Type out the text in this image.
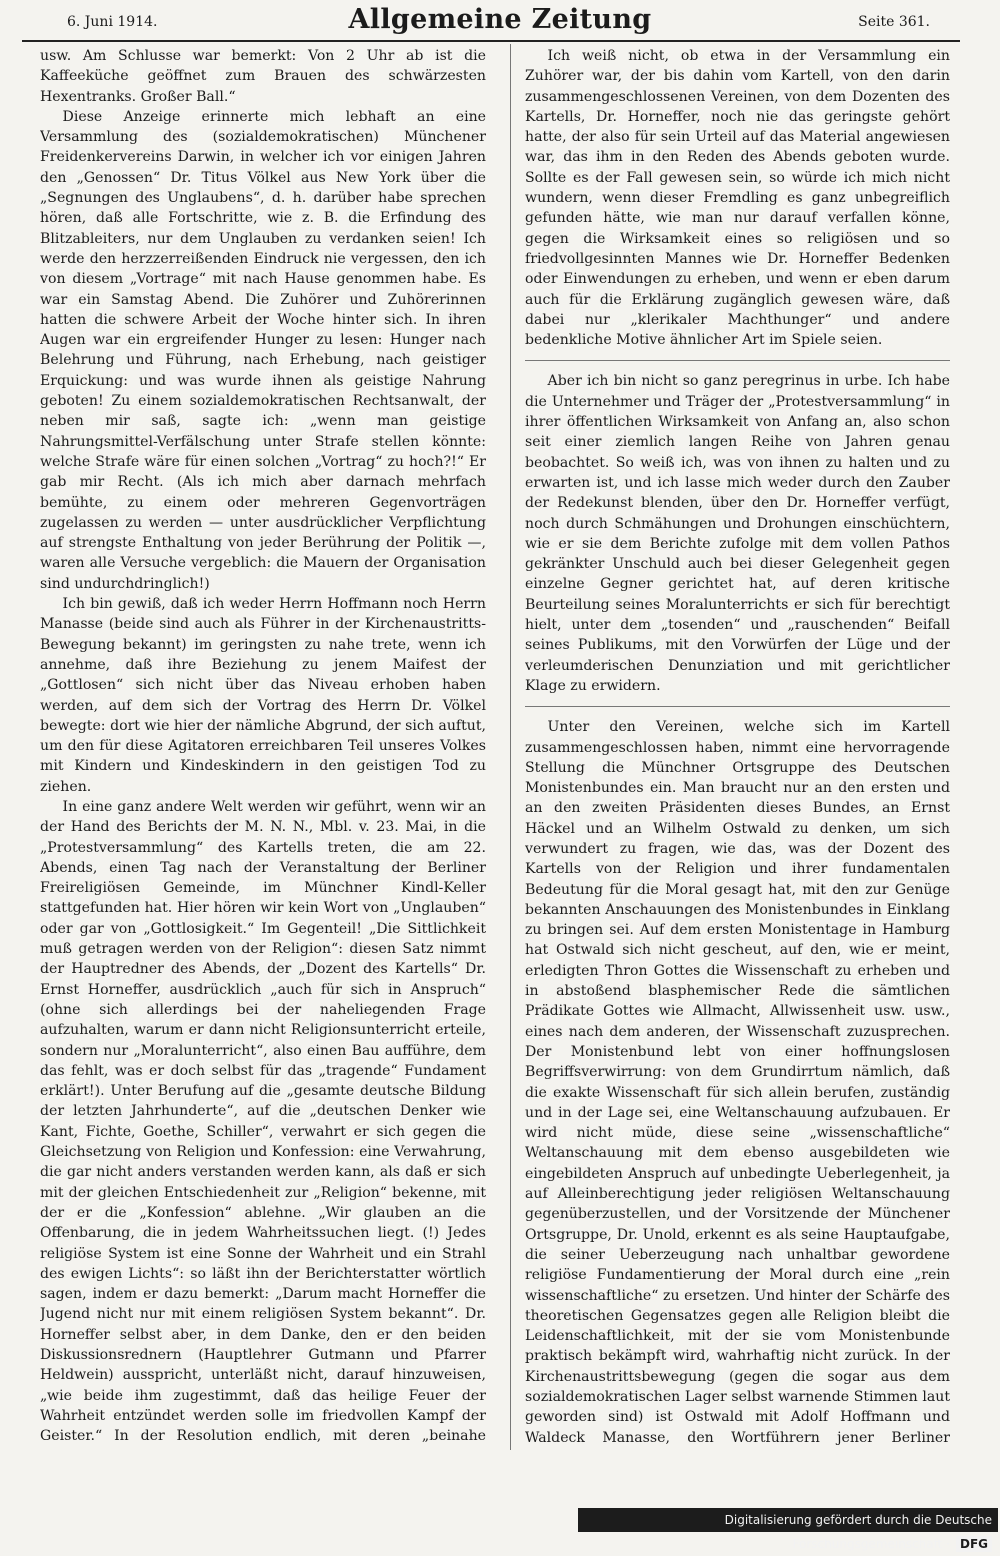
6. Juni 1914.	Allgemeine Zeitung	Seite 361.

usw. Am Schlusse war bemerkt: Von 2 Uhr ab ist die Kaffeeküche geöffnet zum Brauen des schwärzesten Hexentranks. Großer Ball.“

Diese Anzeige erinnerte mich lebhaft an eine Versammlung des (sozialdemokratischen) Münchener Freidenkervereins Darwin, in welcher ich vor einigen Jahren den „Genossen“ Dr. Titus Völkel aus New York über die „Segnungen des Unglaubens“, d. h. darüber habe sprechen hören, daß alle Fortschritte, wie z. B. die Erfindung des Blitzableiters, nur dem Unglauben zu verdanken seien! Ich werde den herzzerreißenden Eindruck nie vergessen, den ich von diesem „Vortrage“ mit nach Hause genommen habe. Es war ein Samstag Abend. Die Zuhörer und Zuhörerinnen hatten die schwere Arbeit der Woche hinter sich. In ihren Augen war ein ergreifender Hunger zu lesen: Hunger nach Belehrung und Führung, nach Erhebung, nach geistiger Erquickung: und was wurde ihnen als geistige Nahrung geboten! Zu einem sozialdemokratischen Rechtsanwalt, der neben mir saß, sagte ich: „wenn man geistige Nahrungsmittel-Verfälschung unter Strafe stellen könnte: welche Strafe wäre für einen solchen „Vortrag“ zu hoch?!“ Er gab mir Recht. (Als ich mich aber darnach mehrfach bemühte, zu einem oder mehreren Gegenvorträgen zugelassen zu werden — unter ausdrücklicher Verpflichtung auf strengste Enthaltung von jeder Berührung der Politik —, waren alle Versuche vergeblich: die Mauern der Organisation sind undurchdringlich!)

Ich bin gewiß, daß ich weder Herrn Hoffmann noch Herrn Manasse (beide sind auch als Führer in der Kirchenaustritts-Bewegung bekannt) im geringsten zu nahe trete, wenn ich annehme, daß ihre Beziehung zu jenem Maifest der „Gottlosen“ sich nicht über das Niveau erhoben haben werden, auf dem sich der Vortrag des Herrn Dr. Völkel bewegte: dort wie hier der nämliche Abgrund, der sich auftut, um den für diese Agitatoren erreichbaren Teil unseres Volkes mit Kindern und Kindeskindern in den geistigen Tod zu ziehen.

In eine ganz andere Welt werden wir geführt, wenn wir an der Hand des Berichts der M. N. N., Mbl. v. 23. Mai, in die „Protestversammlung“ des Kartells treten, die am 22. Abends, einen Tag nach der Veranstaltung der Berliner Freireligiösen Gemeinde, im Münchner Kindl-Keller stattgefunden hat. Hier hören wir kein Wort von „Unglauben“ oder gar von „Gottlosigkeit.“ Im Gegenteil! „Die Sittlichkeit muß getragen werden von der Religion“: diesen Satz nimmt der Hauptredner des Abends, der „Dozent des Kartells“ Dr. Ernst Horneffer, ausdrücklich „auch für sich in Anspruch“ (ohne sich allerdings bei der naheliegenden Frage aufzuhalten, warum er dann nicht Religionsunterricht erteile, sondern nur „Moralunterricht“, also einen Bau aufführe, dem das fehlt, was er doch selbst für das „tragende“ Fundament erklärt!). Unter Berufung auf die „gesamte deutsche Bildung der letzten Jahrhunderte“, auf die „deutschen Denker wie Kant, Fichte, Goethe, Schiller“, verwahrt er sich gegen die Gleichsetzung von Religion und Konfession: eine Verwahrung, die gar nicht anders verstanden werden kann, als daß er sich mit der gleichen Entschiedenheit zur „Religion“ bekenne, mit der er die „Konfession“ ablehne. „Wir glauben an die Offenbarung, die in jedem Wahrheitssuchen liegt. (!) Jedes religiöse System ist eine Sonne der Wahrheit und ein Strahl des ewigen Lichts“: so läßt ihn der Berichterstatter wörtlich sagen, indem er dazu bemerkt: „Darum macht Horneffer die Jugend nicht nur mit einem religiösen System bekannt“. Dr. Horneffer selbst aber, in dem Danke, den er den beiden Diskussionsrednern (Hauptlehrer Gutmann und Pfarrer Heldwein) ausspricht, unterläßt nicht, darauf hinzuweisen, „wie beide ihm zugestimmt, daß das heilige Feuer der Wahrheit entzündet werden solle im friedvollen Kampf der Geister.“ In der Resolution endlich, mit deren „beinahe

Ich weiß nicht, ob etwa in der Versammlung ein Zuhörer war, der bis dahin vom Kartell, von den darin zusammengeschlossenen Vereinen, von dem Dozenten des Kartells, Dr. Horneffer, noch nie das geringste gehört hatte, der also für sein Urteil auf das Material angewiesen war, das ihm in den Reden des Abends geboten wurde. Sollte es der Fall gewesen sein, so würde ich mich nicht wundern, wenn dieser Fremdling es ganz unbegreiflich gefunden hätte, wie man nur darauf verfallen könne, gegen die Wirksamkeit eines so religiösen und so friedvollgesinnten Mannes wie Dr. Horneffer Bedenken oder Einwendungen zu erheben, und wenn er eben darum auch für die Erklärung zugänglich gewesen wäre, daß dabei nur „klerikaler Machthunger“ und andere bedenkliche Motive ähnlicher Art im Spiele seien.

Aber ich bin nicht so ganz peregrinus in urbe. Ich habe die Unternehmer und Träger der „Protestversammlung“ in ihrer öffentlichen Wirksamkeit von Anfang an, also schon seit einer ziemlich langen Reihe von Jahren genau beobachtet. So weiß ich, was von ihnen zu halten und zu erwarten ist, und ich lasse mich weder durch den Zauber der Redekunst blenden, über den Dr. Horneffer verfügt, noch durch Schmähungen und Drohungen einschüchtern, wie er sie dem Berichte zufolge mit dem vollen Pathos gekränkter Unschuld auch bei dieser Gelegenheit gegen einzelne Gegner gerichtet hat, auf deren kritische Beurteilung seines Moralunterrichts er sich für berechtigt hielt, unter dem „tosenden“ und „rauschenden“ Beifall seines Publikums, mit den Vorwürfen der Lüge und der verleumderischen Denunziation und mit gerichtlicher Klage zu erwidern.

Unter den Vereinen, welche sich im Kartell zusammengeschlossen haben, nimmt eine hervorragende Stellung die Münchner Ortsgruppe des Deutschen Monistenbundes ein. Man braucht nur an den ersten und an den zweiten Präsidenten dieses Bundes, an Ernst Häckel und an Wilhelm Ostwald zu denken, um sich verwundert zu fragen, wie das, was der Dozent des Kartells von der Religion und ihrer fundamentalen Bedeutung für die Moral gesagt hat, mit den zur Genüge bekannten Anschauungen des Monistenbundes in Einklang zu bringen sei. Auf dem ersten Monistentage in Hamburg hat Ostwald sich nicht gescheut, auf den, wie er meint, erledigten Thron Gottes die Wissenschaft zu erheben und in abstoßend blasphemischer Rede die sämtlichen Prädikate Gottes wie Allmacht, Allwissenheit usw. usw., eines nach dem anderen, der Wissenschaft zuzusprechen. Der Monistenbund lebt von einer hoffnungslosen Begriffsverwirrung: von dem Grundirrtum nämlich, daß die exakte Wissenschaft für sich allein berufen, zuständig und in der Lage sei, eine Weltanschauung aufzubauen. Er wird nicht müde, diese seine „wissenschaftliche“ Weltanschauung mit dem ebenso ausgebildeten wie eingebildeten Anspruch auf unbedingte Ueberlegenheit, ja auf Alleinberechtigung jeder religiösen Weltanschauung gegenüberzustellen, und der Vorsitzende der Münchener Ortsgruppe, Dr. Unold, erkennt es als seine Hauptaufgabe, die seiner Ueberzeugung nach unhaltbar gewordene religiöse Fundamentierung der Moral durch eine „rein wissenschaftliche“ zu ersetzen. Und hinter der Schärfe des theoretischen Gegensatzes gegen alle Religion bleibt die Leidenschaftlichkeit, mit der sie vom Monistenbunde praktisch bekämpft wird, wahrhaftig nicht zurück. In der Kirchenaustrittsbewegung (gegen die sogar aus dem sozialdemokratischen Lager selbst warnende Stimmen laut geworden sind) ist Ostwald mit Adolf Hoffmann und Waldeck Manasse, den Wortführern jener Berliner

Digitalisierung gefördert durch die Deutsche Forschungsgemeinschaft · DFG
